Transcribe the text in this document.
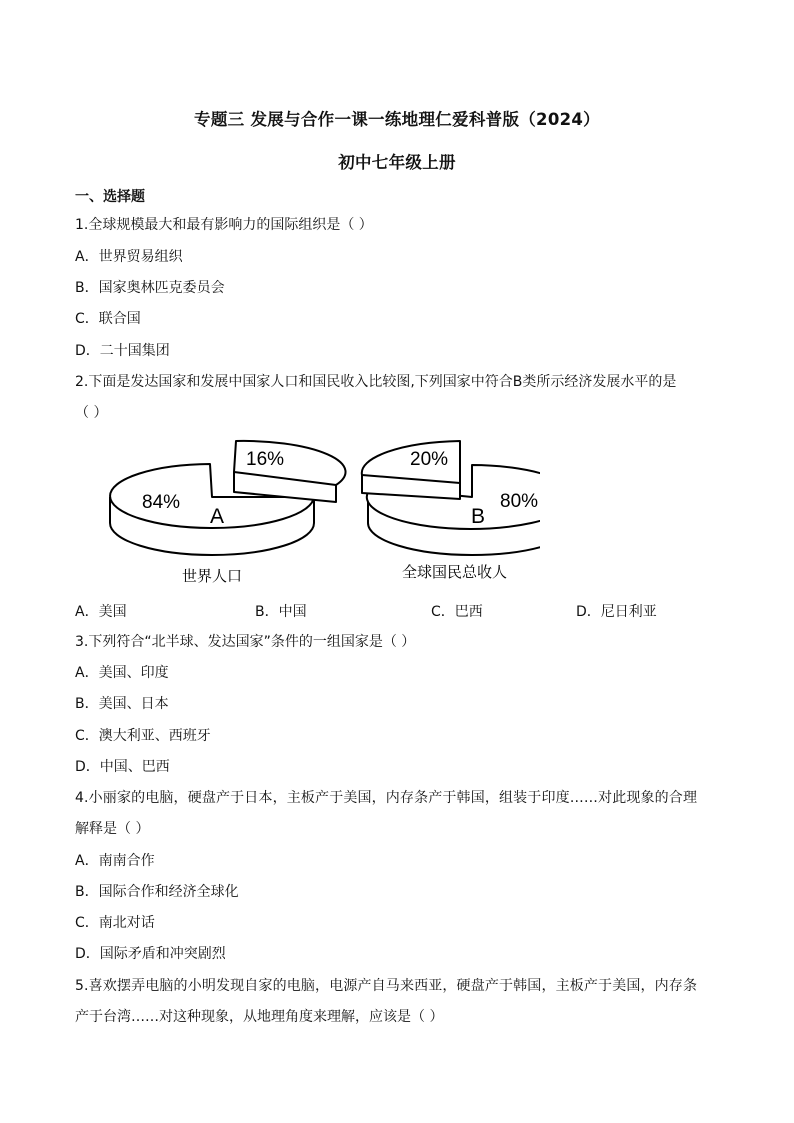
专题三 发展与合作一课一练地理仁爱科普版（2024）
初中七年级上册
一、选择题
1.全球规模最大和最有影响力的国际组织是（ ）
A．世界贸易组织
B．国家奥林匹克委员会
C．联合国
D．二十国集团
2.下面是发达国家和发展中国家人口和国民收入比较图,下列国家中符合B类所示经济发展水平的是
（ ）
84%
A
16%
世界人口
20%
B
80%
全球国民总收人
A．美国	B．中国	C．巴西	D．尼日利亚
3.下列符合“北半球、发达国家”条件的一组国家是（ ）
A．美国、印度
B．美国、日本
C．澳大利亚、西班牙
D．中国、巴西
4.小丽家的电脑，硬盘产于日本，主板产于美国，内存条产于韩国，组装于印度……对此现象的合理
解释是（ ）
A．南南合作
B．国际合作和经济全球化
C．南北对话
D．国际矛盾和冲突剧烈
5.喜欢摆弄电脑的小明发现自家的电脑，电源产自马来西亚，硬盘产于韩国，主板产于美国，内存条
产于台湾……对这种现象，从地理角度来理解，应该是（ ）
